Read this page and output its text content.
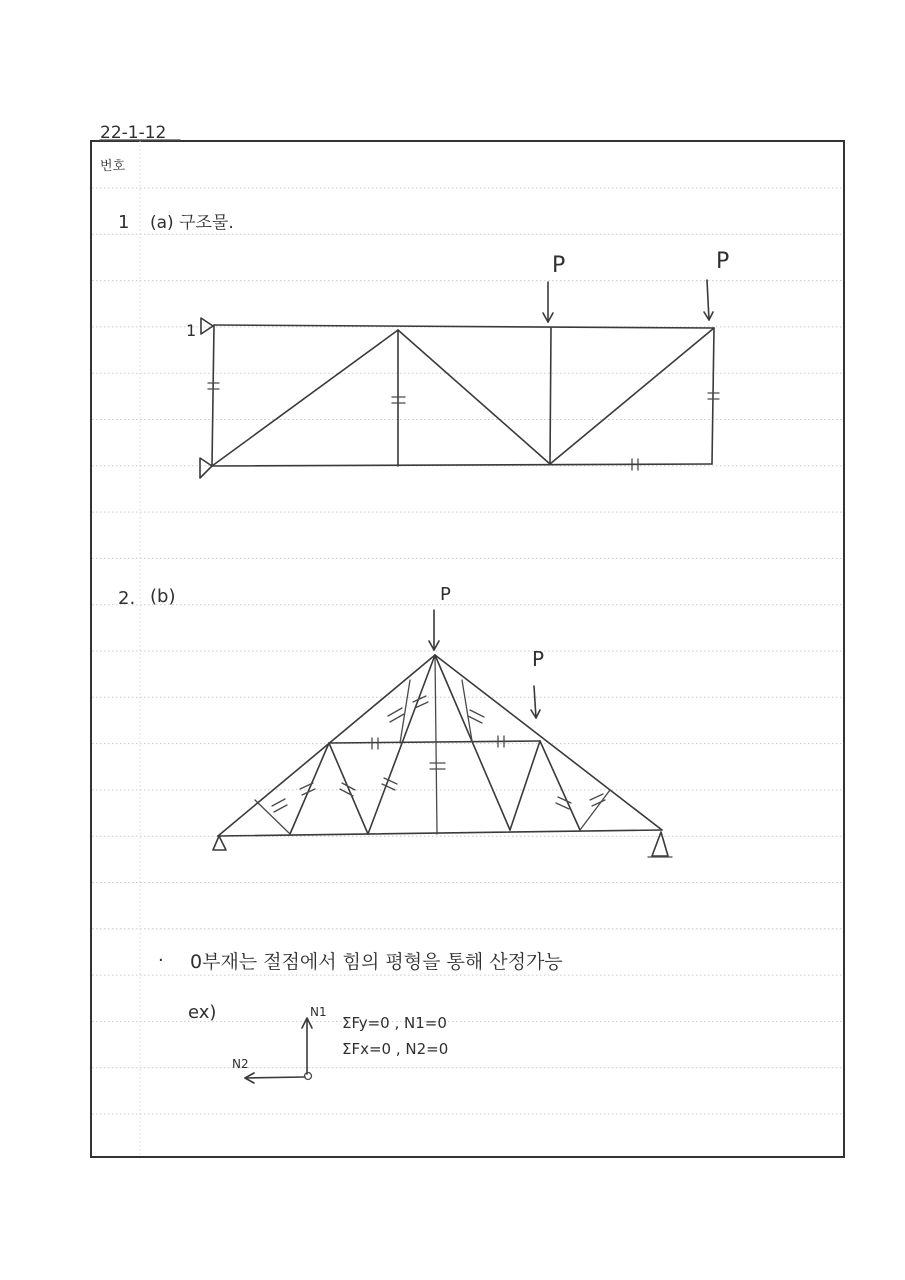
22-1-12
번호
1 (a) 구조물.
1
P	P
2. (b)	P
P
· 0부재는 절점에서 힘의 평형을 통해 산정가능
ex)	N1
N2
ΣFy=0 , N1=0
ΣFx=0 , N2=0
